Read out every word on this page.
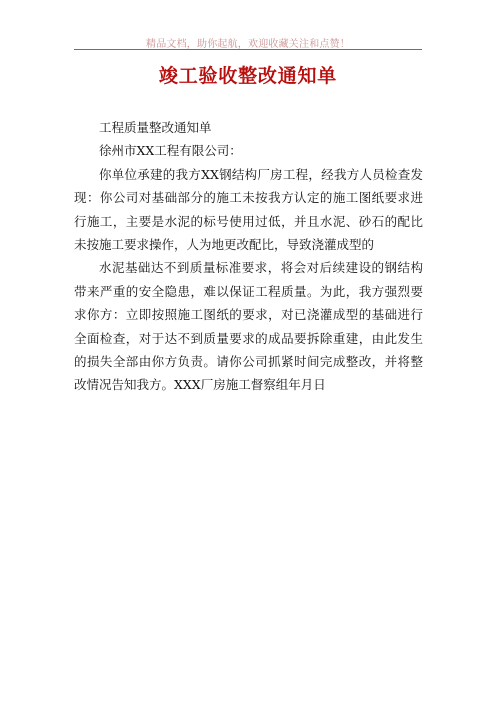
精品文档，助你起航，欢迎收藏关注和点赞！
竣工验收整改通知单

工程质量整改通知单

徐州市XX工程有限公司：

你单位承建的我方XX钢结构厂房工程，经我方人员检查发现：你公司对基础部分的施工未按我方认定的施工图纸要求进行施工，主要是水泥的标号使用过低，并且水泥、砂石的配比未按施工要求操作，人为地更改配比，导致浇灌成型的

水泥基础达不到质量标准要求，将会对后续建设的钢结构带来严重的安全隐患，难以保证工程质量。为此，我方强烈要求你方：立即按照施工图纸的要求，对已浇灌成型的基础进行全面检查，对于达不到质量要求的成品要拆除重建，由此发生的损失全部由你方负责。请你公司抓紧时间完成整改，并将整改情况告知我方。XXX厂房施工督察组年月日
